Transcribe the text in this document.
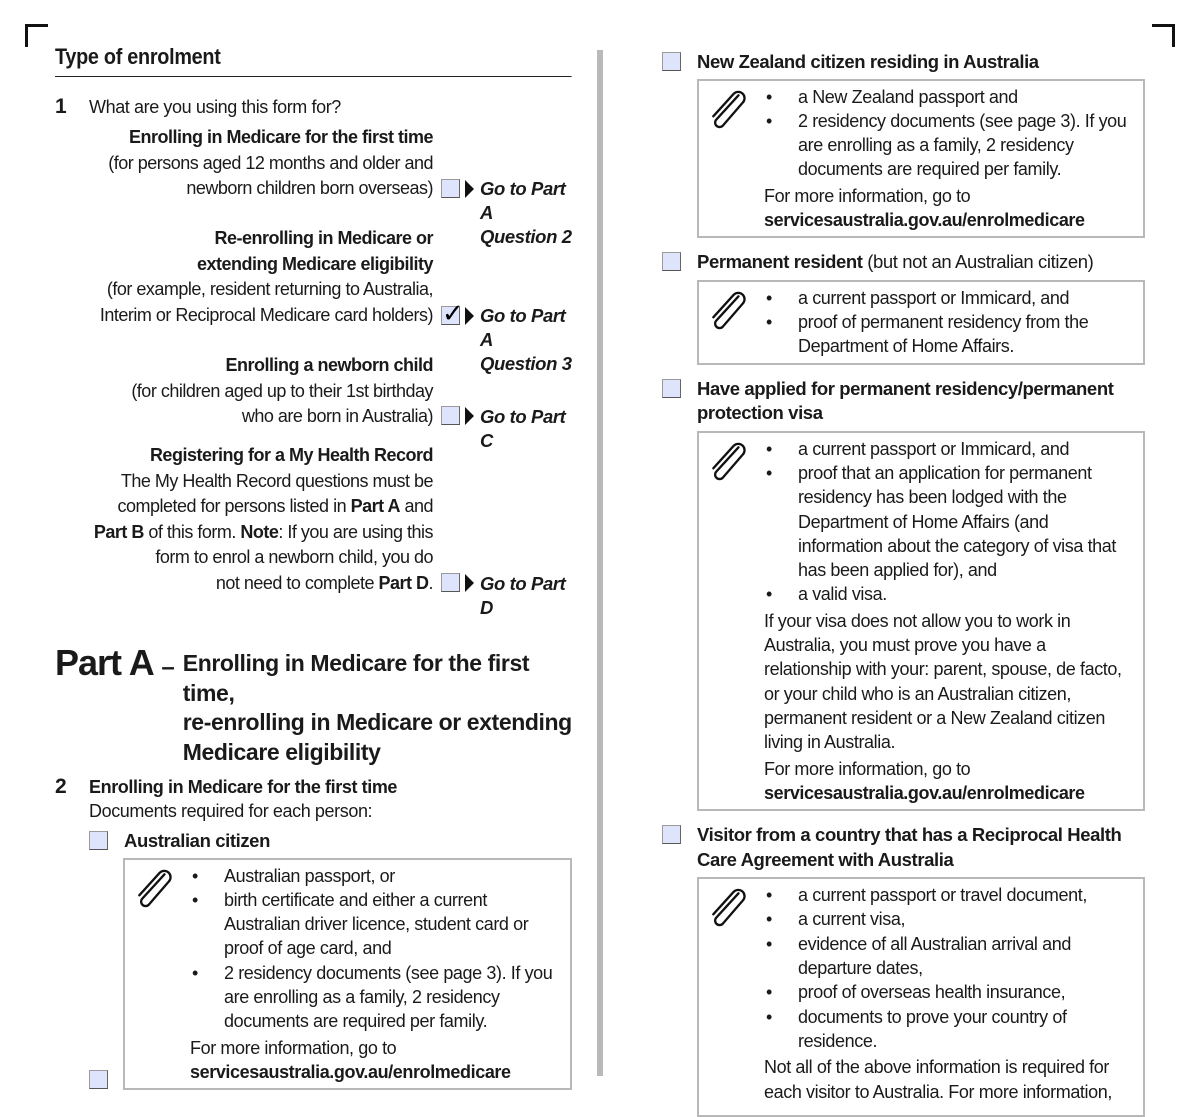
Type of enrolment
1	What are you using this form for?
Enrolling in Medicare for the first time
(for persons aged 12 months and older and
newborn children born overseas)	Go to Part A
Question 2
Re-enrolling in Medicare or
extending Medicare eligibility
(for example, resident returning to Australia,
Interim or Reciprocal Medicare card holders) ✓	Go to Part A
Question 3
Enrolling a newborn child
(for children aged up to their 1st birthday
who are born in Australia)	Go to Part C
Registering for a My Health Record
The My Health Record questions must be
completed for persons listed in Part A and
Part B of this form. Note: If you are using this
form to enrol a newborn child, you do
not need to complete Part D.	Go to Part D
Part A – Enrolling in Medicare for the first time,
re-enrolling in Medicare or extending
Medicare eligibility
2	Enrolling in Medicare for the first time
Documents required for each person:
Australian citizen
• Australian passport, or
• birth certificate and either a current Australian driver licence, student card or proof of age card, and
• 2 residency documents (see page 3). If you are enrolling as a family, 2 residency documents are required per family.
For more information, go to
servicesaustralia.gov.au/enrolmedicare
New Zealand citizen residing in Australia
• a New Zealand passport and
• 2 residency documents (see page 3). If you are enrolling as a family, 2 residency documents are required per family.
For more information, go to
servicesaustralia.gov.au/enrolmedicare
Permanent resident (but not an Australian citizen)
• a current passport or Immicard, and
• proof of permanent residency from the Department of Home Affairs.
Have applied for permanent residency/permanent protection visa
• a current passport or Immicard, and
• proof that an application for permanent residency has been lodged with the Department of Home Affairs (and information about the category of visa that has been applied for), and
• a valid visa.
If your visa does not allow you to work in Australia, you must prove you have a relationship with your: parent, spouse, de facto, or your child who is an Australian citizen, permanent resident or a New Zealand citizen living in Australia.
For more information, go to
servicesaustralia.gov.au/enrolmedicare
Visitor from a country that has a Reciprocal Health Care Agreement with Australia
• a current passport or travel document,
• a current visa,
• evidence of all Australian arrival and departure dates,
• proof of overseas health insurance,
• documents to prove your country of residence.
Not all of the above information is required for each visitor to Australia. For more information,
